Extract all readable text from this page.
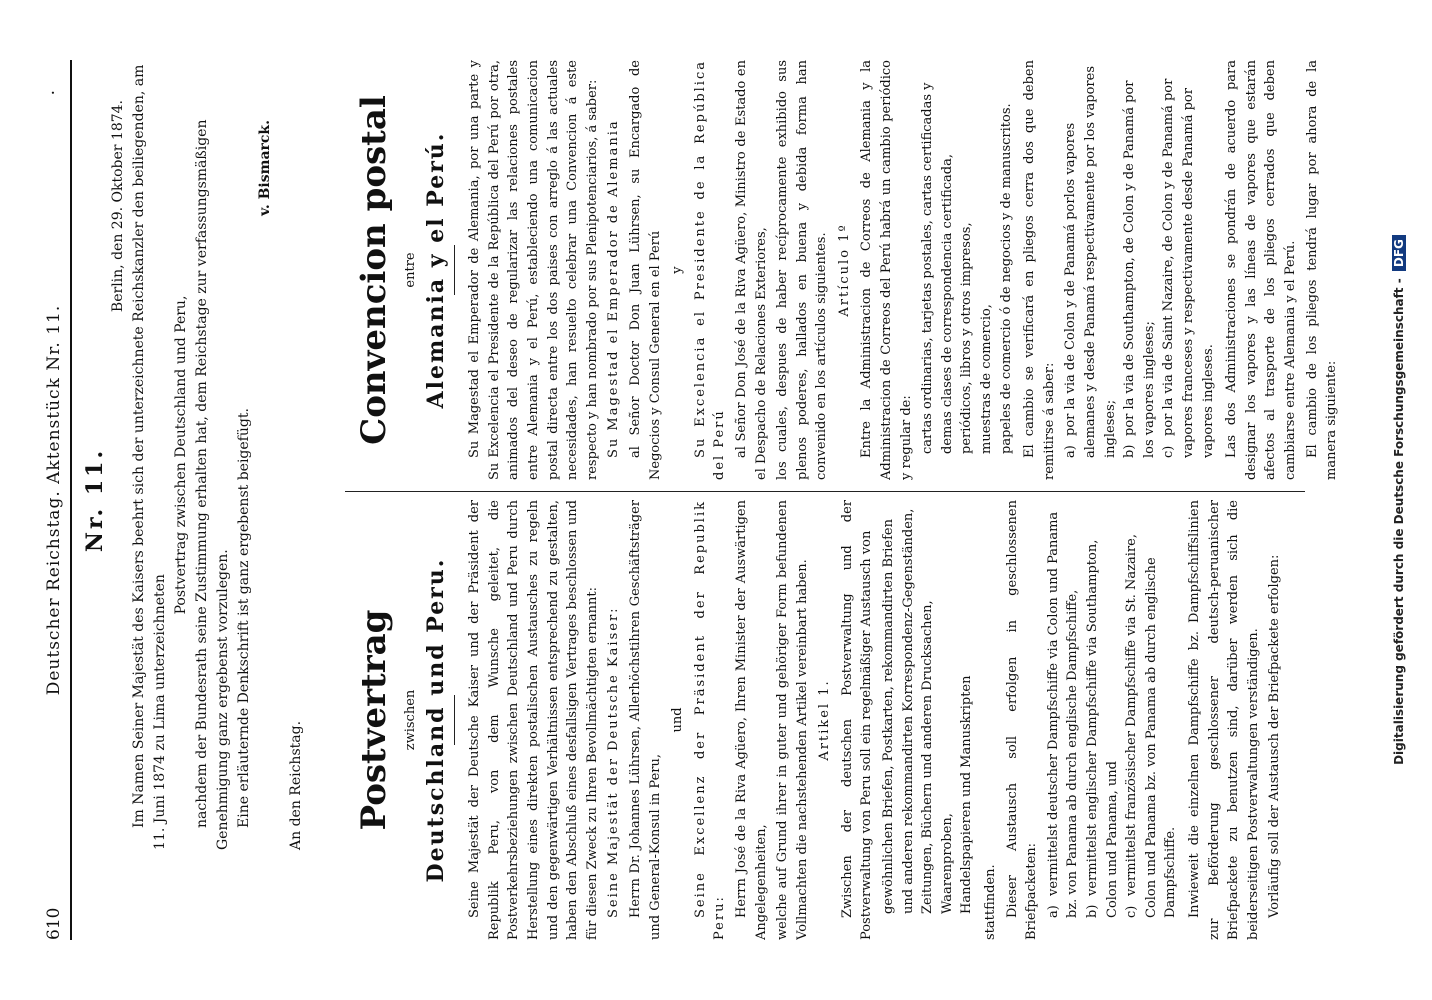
610
Deutscher Reichstag. Aktenstück Nr. 11.
·
Nr. 11.
Berlin, den 29. Oktober 1874. Im Namen Seiner Majestät des Kaisers beehrt sich der unterzeichnete Reichskanzler den beiliegenden, am 11. Juni 1874 zu Lima unterzeichneten

Postvertrag zwischen Deutschland und Peru, nachdem der Bundesrath seine Zustimmung erhalten hat, dem Reichstage zur verfassungsmäßigen Genehmigung ganz ergebenst vorzulegen. Eine erläuternde Denkschrift ist ganz ergebenst beigefügt.

v. Bismarck.
An den Reichstag. Postvertrag zwischen Deutschland und Peru. Seine Majestät der Deutsche Kaiser und der Präsident der Republik Peru, von dem Wunsche geleitet, die Postverkehrsbeziehungen zwischen Deutschland und Peru durch Herstellung eines direkten postalischen Austausches zu regeln und den gegenwärtigen Verhältnissen entsprechend zu gestalten, haben den Abschluß eines desfallsigen Vertrages beschlossen und für diesen Zweck zu Ihren Bevollmächtigten ernannt: Seine Majestät der Deutsche Kaiser: Herrn Dr. Johannes Lührsen, Allerhöchstihren Geschäftsträger und General-Konsul in Peru,

und Seine Excellenz der Präsident der Republik Peru: Herrn José de la Riva Agüero, Ihren Minister der Auswärtigen Angelegenheiten, welche auf Grund ihrer in guter und gehöriger Form befundenen Vollmachten die nachstehenden Artikel vereinbart haben. Artikel 1. Zwischen der deutschen Postverwaltung und der Postverwaltung von Peru soll ein regelmäßiger Austausch von gewöhnlichen Briefen, Postkarten, rekommandirten Briefen und anderen rekommandirten Korrespondenz-Gegenständen, Zeitungen, Büchern und anderen Drucksachen, Waarenproben, Handelspapieren und Manuskripten stattfinden. Dieser Austausch soll erfolgen in geschlossenen Briefpacketen: a)vermittelst deutscher Dampfschiffe via Colon und Panama bz. von Panama ab durch englische Dampfschiffe, b)vermittelst englischer Dampfschiffe via Southampton, Colon und Panama, und c)vermittelst französischer Dampfschiffe via St. Nazaire, Colon und Panama bz. von Panama ab durch englische Dampfschiffe. Inwieweit die einzelnen Dampfschiffe bz. Dampfschiffslinien zur Beförderung geschlossener deutsch-peruanischer Briefpackete zu benutzen sind, darüber werden sich die beiderseitigen Postverwaltungen verständigen. Vorläufig soll der Austausch der Briefpackete erfolgen:

Convencion postal entre Alemania y el Perú. Su Magestad el Emperador de Alemania, por una parte y Su Excelencia el Presidente de la República del Perú por otra, animados del deseo de regularizar las relaciones postales entre Alemania y el Perú, estableciendo una comunicacion postal directa entre los dos paises con arreglo á las actuales necesidades, han resuelto celebrar una Convencion á este respecto y han nombrado por sus Plenipotenciarios, á saber: Su Magestad el Emperador de Alemania al Señor Doctor Don Juan Lührsen, su Encargado de Negocios y Consul General en el Perú y Su Excelencia el Presidente de la República del Perú al Señor Don José de la Riva Agüero, Ministro de Estado en el Despacho de Relaciones Exteriores, los cuales, despues de haber recíprocamente exhibido sus plenos poderes, hallados en buena y debida forma han convenido en los artículos siguientes. Artículo 1º Entre la Administracion de Correos de Alemania y la Administracion de Correos del Perú habrá un cambio periódico y regular de: cartas ordinarias, tarjetas postales, cartas certificadas y demas clases de correspondencia certificada, periódicos, libros y otros impresos, muestras de comercio, papeles de comercio ó de negocios y de manuscritos. El cambio se verificará en pliegos cerra dos que deben remitirse á saber: a)por la via de Colon y de Panamá porlos vapores alemanes y desde Panamá respectivamente por los vapores ingleses; b)por la via de Southampton, de Colon y de Panamá por los vapores ingleses; c)por la via de Saint Nazaire, de Colon y de Panamá por vapores franceses y respectivamente desde Panamá por vapores ingleses. Las dos Administraciones se pondrán de acuerdo para designar los vapores y las líneas de vapores que estarán afectos al trasporte de los pliegos cerrados que deben cambiarse entre Alemania y el Perú. El cambio de los pliegos tendrá lugar por ahora de la manera siguiente:	Digitalisierung gefördert durch die Deutsche Forschungsgemeinschaft - DFG
